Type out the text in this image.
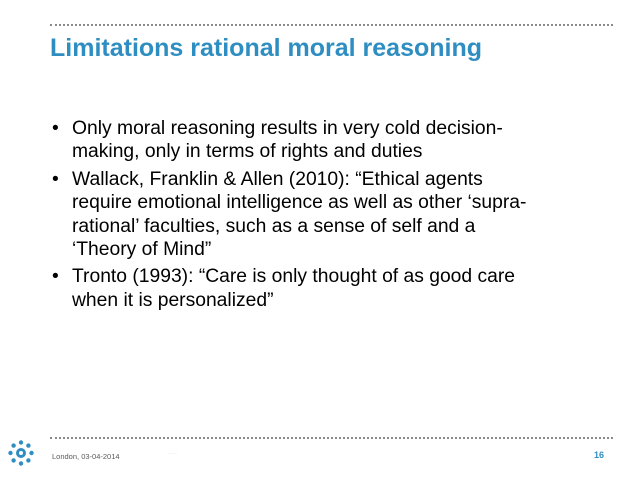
Limitations rational moral reasoning
• Only moral reasoning results in very cold decision-
making, only in terms of rights and duties
• Wallack, Franklin & Allen (2010): “Ethical agents
require emotional intelligence as well as other ‘supra-
rational’ faculties, such as a sense of self and a
‘Theory of Mind”
• Tronto (1993): “Care is only thought of as good care
when it is personalized”
London, 03-04-2014	·········	16
